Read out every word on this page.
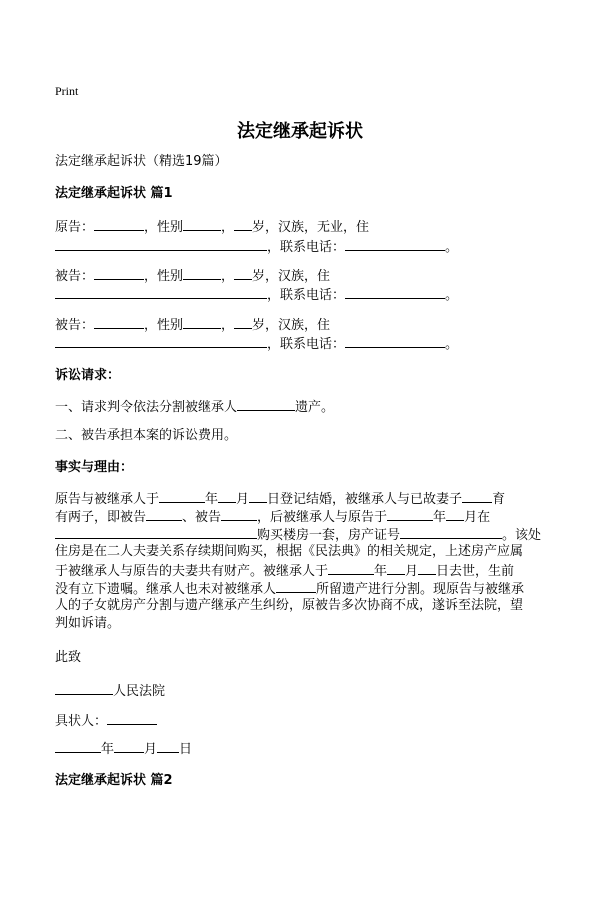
Print
法定继承起诉状
法定继承起诉状（精选19篇）
法定继承起诉状 篇1
原告：	，性别	， 岁，汉族，无业，住
，联系电话：	。
被告：	，性别	， 岁，汉族，住
，联系电话：	。
被告：	，性别	， 岁，汉族，住
，联系电话：	。
诉讼请求：
一、请求判令依法分割被继承人	遗产。
二、被告承担本案的诉讼费用。
事实与理由：
原告与被继承人于	年 月 日登记结婚，被继承人与已故妻子 育
有两子，即被告	、被告	，后被继承人与原告于	年 月在
购买楼房一套，房产证号	。该处
住房是在二人夫妻关系存续期间购买，根据《民法典》的相关规定，上述房产应属
于被继承人与原告的夫妻共有财产。被继承人于	年 月 日去世，生前
没有立下遗嘱。继承人也未对被继承人	所留遗产进行分割。现原告与被继承
人的子女就房产分割与遗产继承产生纠纷，原被告多次协商不成，遂诉至法院，望
判如诉请。
此致
人民法院
具状人：
年 月 日
法定继承起诉状 篇2
